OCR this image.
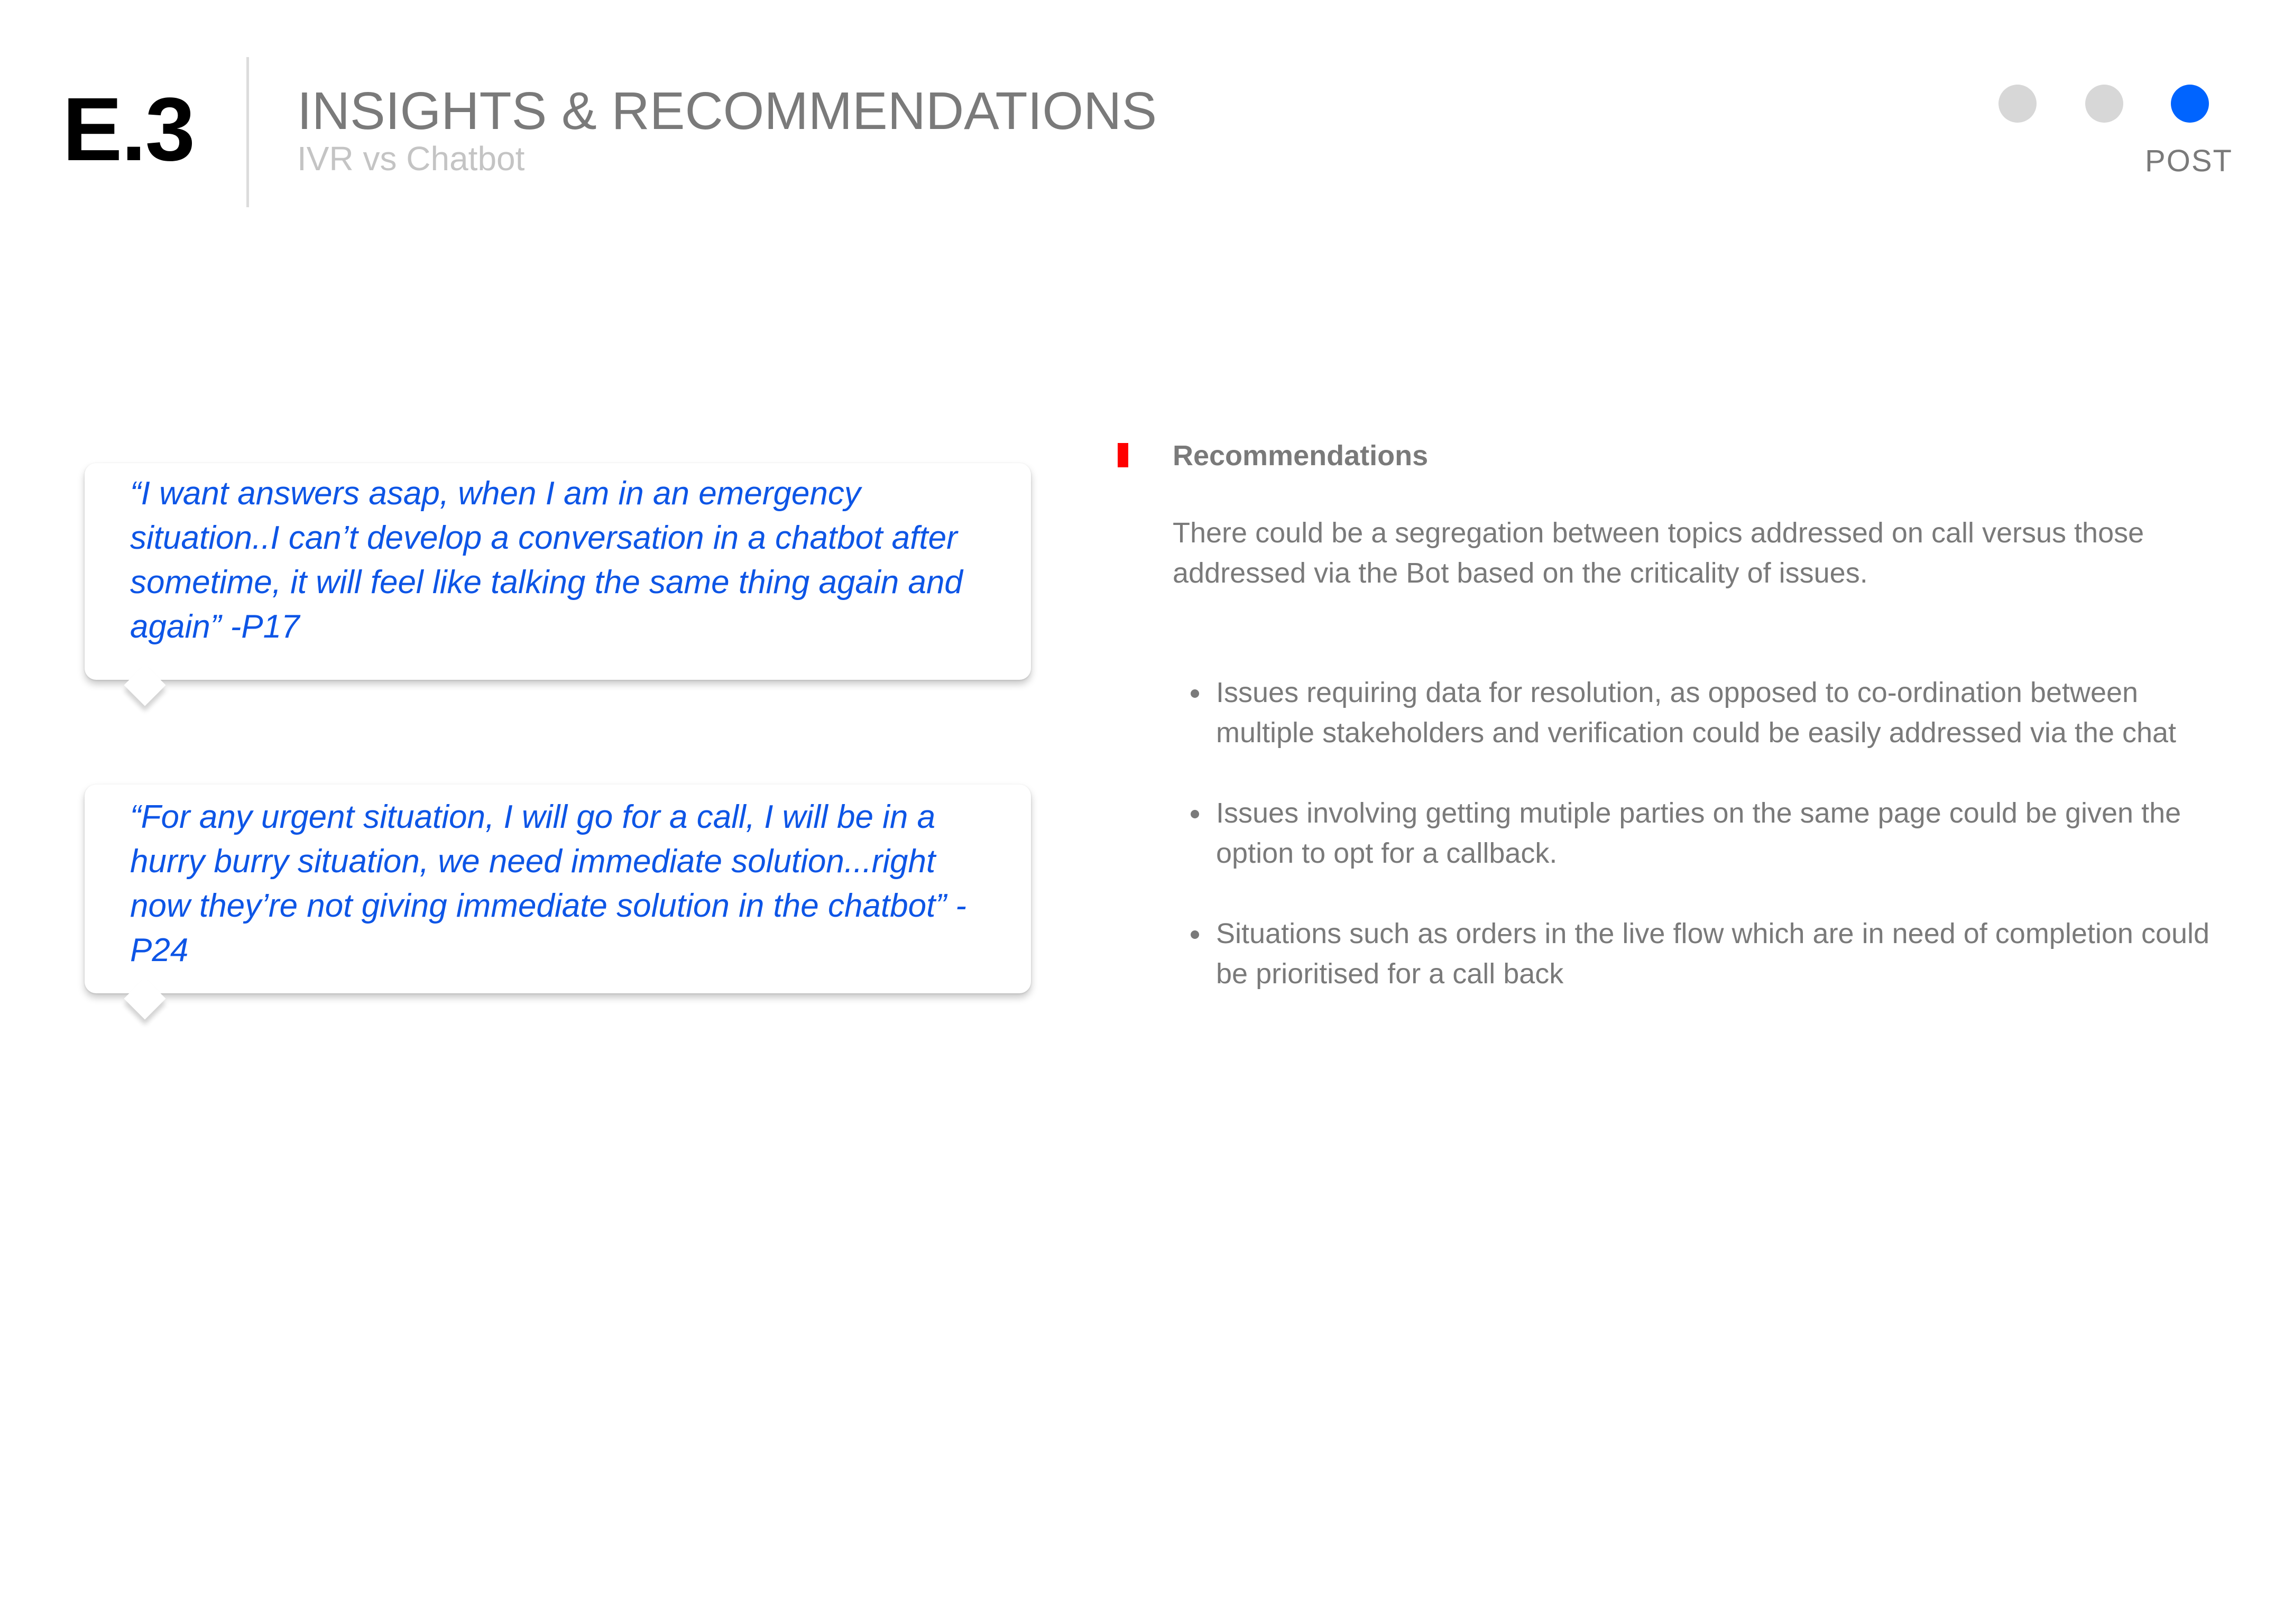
E.3 INSIGHTS & RECOMMENDATIONS
IVR vs Chatbot	POST

“I want answers asap, when I am in an emergency situation..I can’t develop a conversation in a chatbot after sometime, it will feel like talking the same thing again and again” -P17

“For any urgent situation, I will go for a call, I will be in a hurry burry situation, we need immediate solution...right now they’re not giving immediate solution in the chatbot” -P24

Recommendations

There could be a segregation between topics addressed on call versus those addressed via the Bot based on the criticality of issues.

Issues requiring data for resolution, as opposed to co-ordination between multiple stakeholders and verification could be easily addressed via the chat
Issues involving getting mutiple parties on the same page could be given the option to opt for a callback.
Situations such as orders in the live flow which are in need of completion could be prioritised for a call back
